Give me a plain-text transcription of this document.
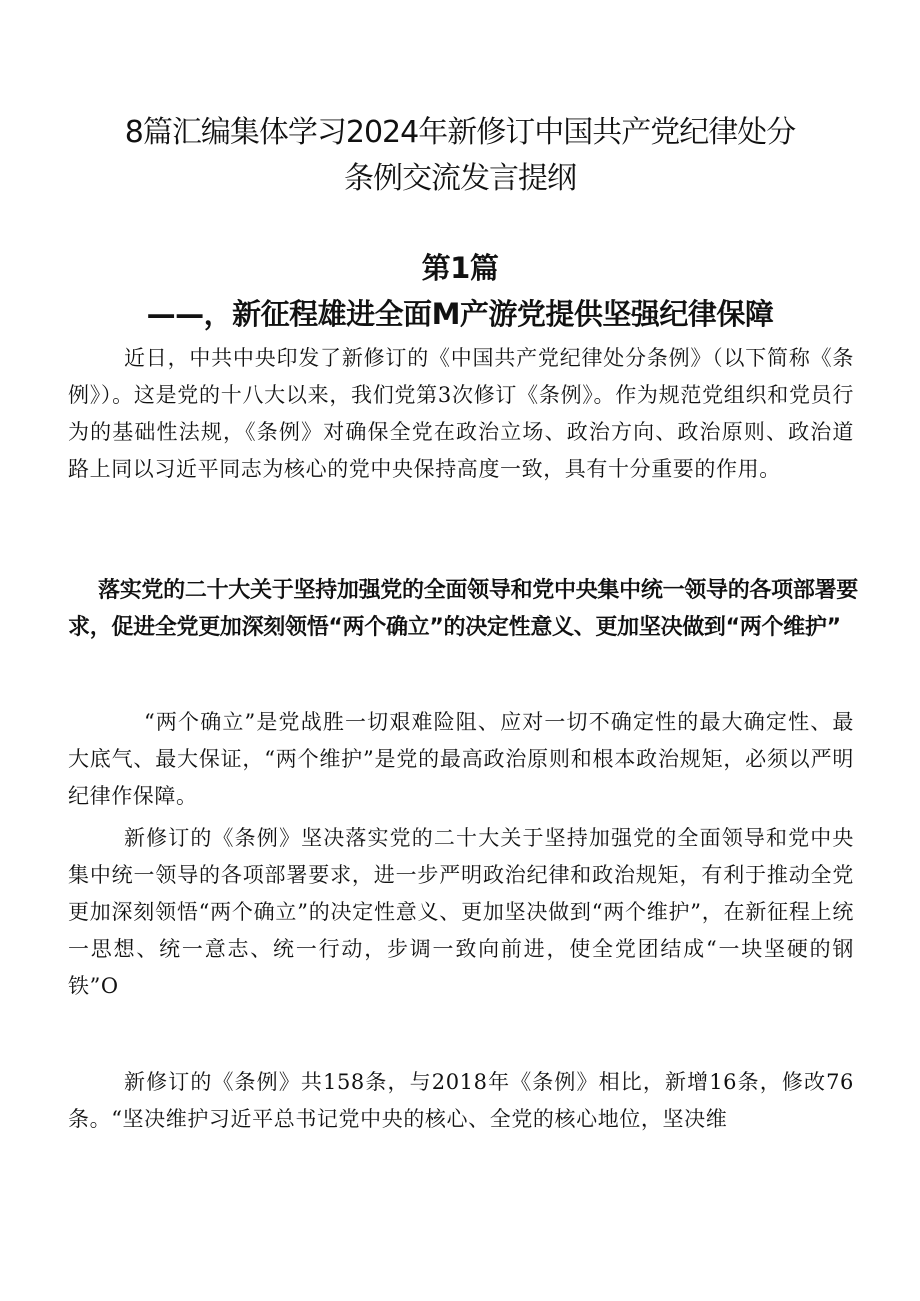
8篇汇编集体学习2024年新修订中国共产党纪律处分
条例交流发言提纲
第1篇
——，新征程雄进全面M产游党提供坚强纪律保障

近日，中共中央印发了新修订的《中国共产党纪律处分条例》（以下简称《条例》）。这是党的十八大以来，我们党第3次修订《条例》。作为规范党组织和党员行为的基础性法规，《条例》对确保全党在政治立场、政治方向、政治原则、政治道路上同以习近平同志为核心的党中央保持高度一致，具有十分重要的作用。

落实党的二十大关于坚持加强党的全面领导和党中央集中统一领导的各项部署要求，促进全党更加深刻领悟“两个确立”的决定性意义、更加坚决做到“两个维护”

“两个确立”是党战胜一切艰难险阻、应对一切不确定性的最大确定性、最大底气、最大保证，“两个维护”是党的最高政治原则和根本政治规矩，必须以严明纪律作保障。

新修订的《条例》坚决落实党的二十大关于坚持加强党的全面领导和党中央集中统一领导的各项部署要求，进一步严明政治纪律和政治规矩，有利于推动全党更加深刻领悟“两个确立”的决定性意义、更加坚决做到“两个维护”，在新征程上统一思想、统一意志、统一行动，步调一致向前进，使全党团结成“一块坚硬的钢铁”O

新修订的《条例》共158条，与2018年《条例》相比，新增16条，修改76条。“坚决维护习近平总书记党中央的核心、全党的核心地位，坚决维
